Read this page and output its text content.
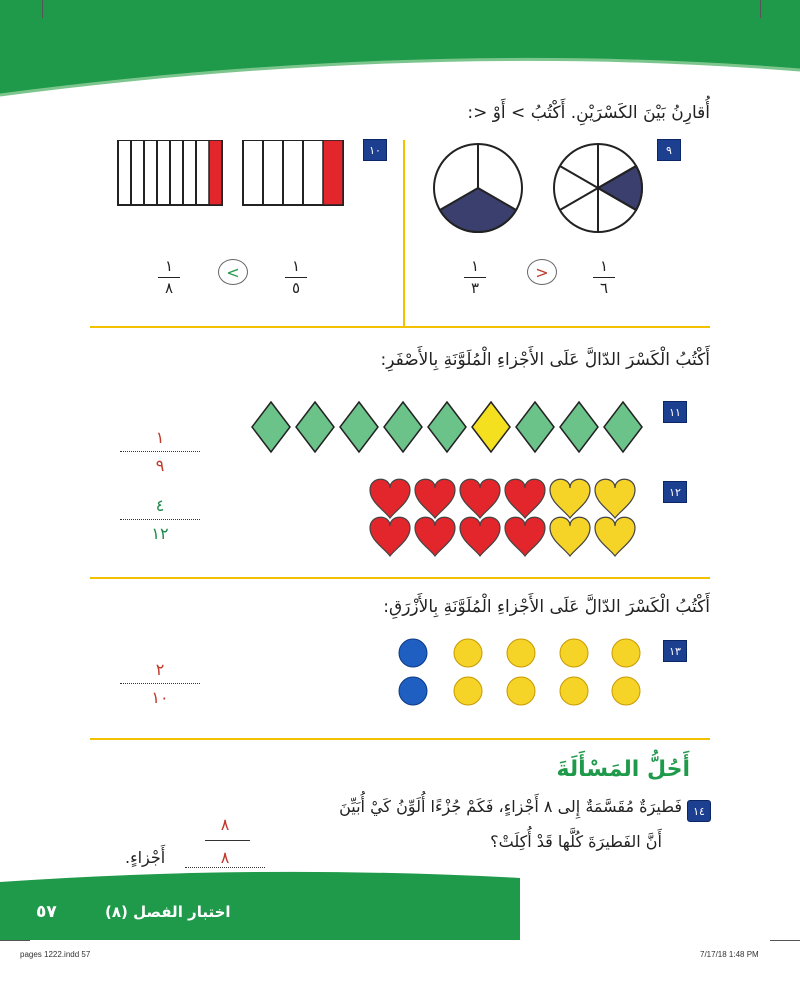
أُقارِنُ بَيْنَ الكَسْرَيْنِ. أَكْتُبُ > أَوْ <:
٩
١
٣
>	١
٦
١٠
١
٨
<	١
٥
أَكْتُبُ الْكَسْرَ الدّالَّ عَلَى الأَجْزاءِ الْمُلَوَّنَةِ بِالأَصْفَرِ:
١١
١
٩
١٢
٤
١٢
أَكْتُبُ الْكَسْرَ الدّالَّ عَلَى الأَجْزاءِ الْمُلَوَّنَةِ بِالأَزْرَقِ:
١٣
٢
١٠
أَحُلُّ المَسْأَلَةَ
١٤
فَطيرَةٌ مُقَسَّمَةٌ إِلى ٨ أَجْزاءٍ، فَكَمْ جُزْءًا أُلَوِّنُ كَيْ أُبَيِّنَ
أَنَّ الفَطيرَةَ كُلَّها قَدْ أُكِلَتْ؟
٨
٨
أَجْزاءٍ.
٥٧	اختبار الفصل (٨)
pages 1222.indd 57	7/17/18 1:48 PM
